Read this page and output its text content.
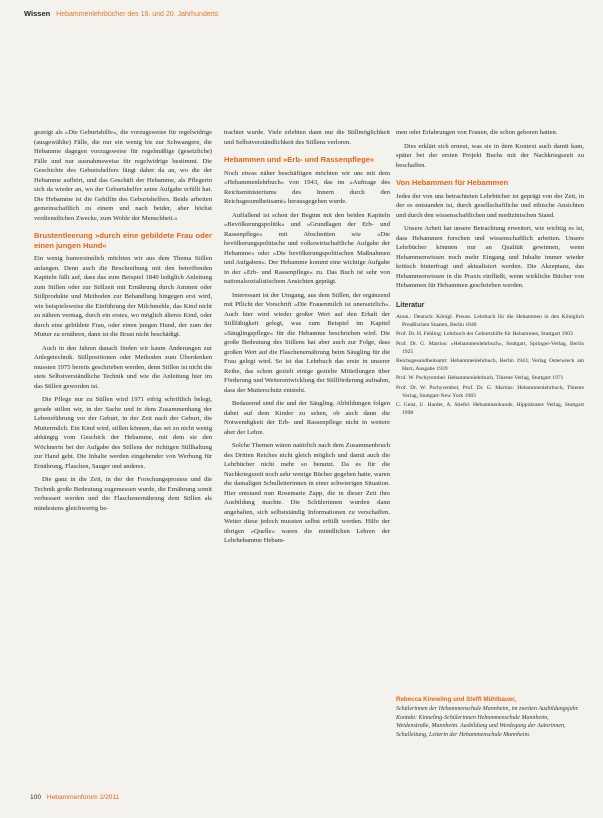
Wissen Hebammenlehrbücher des 19. und 20. Jahrhunderts

gezeigt als »Die Geburtshilfe«, die vorzugsweise für regelwidrige (ausgewählte) Fälle, die nur ein wenig bis zur Schwangere, die Hebamme dagegen vorzugsweise für regelmäßige (gesetzliche) Fälle und nur ausnahmsweise für regelwidrige bestimmt. Die Geschichte des Geburtshelfers fängt daher da an, wo die der Hebamme aufhört, und das Geschäft der Hebamme, als Pflegerin sich da wieder an, wo der Geburtshelfer seine Aufgabe erfüllt hat. Die Hebamme ist die Gehilfin des Geburtshelfers. Beide arbeiten gemeinschaftlich zu einem und nach beider, aber höchst verdienstlichen Zwecke, zum Wohle der Menschheit.«

Brustentleerung »durch eine gebildete Frau oder einen jungen Hund«

Ein wenig humorsinnlich möchten wir aus dem Thema Stillen anfangen. Denn auch die Beschreibung mit den betreffenden Kapiteln fällt auf, dass das zum Beispiel 1840 lediglich Anleitung zum Stillen oder zur Stillzeit mit Ernährung durch Ammen oder Stillprodukte und Methoden zur Behandlung hingegen erst wird, wie beispielsweise die Einführung der Milchmehle, das Kind nicht zu nähren vermag, durch ein erstes, wo möglich älteres Kind, oder durch eine gebildete Frau, oder einen jungen Hund, der zum der Mutter zu ernähren, dann ist die Brust nicht beschädigt.

Auch in den Jahren danach finden wir kaum Änderungen zur Anlegetechnik. Stillpositionen oder Methoden zum Überdenken mussten 1975 bereits geschrieben werden, denn Stillen ist nicht die stets Selbstverständliche Technik und wie die Anleitung hier im das Stillen geworden ist.

Die Pflege nur zu Stillen wird 1971 eifrig schriftlich belegt, gerade stillen wir, in der Sache und in dem Zusammenhang der Lebensführung vor der Geburt, in der Zeit nach der Geburt, die Muttermilch. Ein Kind wird, stillen können, das sei zu nicht wenig abhängig vom Geschick der Hebamme, mit dem sie den Wöchnerin bei der Aufgabe des Stillens der richtigen Stillhaltung zur Hand geht. Die Inhalte werden eingehender von Werbung für Ernährung, Flaschen, Sauger und anderes.

Die ganz in die Zeit, in der der Forschungsprozess und die Technik große Bedeutung zugemessen wurde, die Ernährung somit verbessert werden und die Flaschenernährung dem Stillen als mindestens gleichwertig be-

trachtet wurde. Viele erlebten dann nur die Stillmöglichkeit und Selbstverständlichkeit des Stillens verloren.

Hebammen und »Erb- und Rassenpflege«

Noch etwas näher beschäftigen möchten wir uns mit dem »Hebammenlehrbuch« von 1943, das im »Auftrage des Reichsministeriums des Innern durch den Reichsgesundheitsamt« herausgegeben wurde.

Auffallend ist schon der Beginn mit den beiden Kapiteln »Bevölkerungspolitik« und »Grundlagen der Erb- und Rassenpflege« mit Abschnitten wie »Die bevölkerungspolitische und volkswirtschaftliche Aufgabe der Hebamme« oder »Die bevölkerungspolitischen Maßnahmen und Aufgaben«. Der Hebamme kommt eine wichtige Aufgabe in der »Erb- und Rassenpflege« zu. Das Buch ist sehr von nationalsozialistischem Ansichten geprägt.

Interessant ist der Umgang, aus dem Stillen, der ergänzend mit Pflicht der Vorschrift »Die Frauenmilch ist unersetzlich«. Auch hier wird wieder großer Wert auf den Erhalt der Stillfähigkeit gelegt, was zum Beispiel im Kapitel »Säuglingspflege« für die Hebamme beschrieben wird. Die große Bedeutung des Stillens hat aber auch zur Folge, dass großen Wert auf die Flaschenernährung beim Säugling für die Frau gelegt wird. So ist das Lehrbuch das erste in unserer Reihe, das schon gezielt einige gezielte Mitteilungen über Förderung und Weiterentwicklung der Stillförderung aufnahm, dass der Mutterschutz entsteht.

Bedauernd sind die und der Säugling. Abbildungen folgen dabei auf dem Kinder zu sehen, ob auch dann die Notwendigkeit der Erb- und Rassenpflege nicht in weitere aber der Lehre.

Solche Themen wären natürlich nach dem Zusammenbruch des Dritten Reiches nicht gleich möglich und damit auch die Lehrbücher nicht mehr so benutzt. Da es für die Nachkriegszeit noch sehr wenige Bücher gegeben hatte, waren die damaligen Schulleiterinnen in einer schwierigen Situation. Hier entstand nun Rosemarie Zapp, die in dieser Zeit ihre Ausbildung machte. Die Schülerinnen wurden dann angehalten, sich selbstständig Informationen zu verschaffen. Weiter diese jedoch mussten selbst erfüllt werden. Hilfe der übrigen »Quelle« waren die mündlichen Lehren der Lehrhebamme Hebam-

men oder Erfahrungen von Frauen, die schon geboren hatten.

Dies erklärt sich erneut, was sie in dem Kontext auch damit kam, später bei der ersten Projekt Buchs mit der Nachkriegszeit zu beschaffen.

Von Hebammen für Hebammen

Jedes der von uns betrachteten Lehrbücher ist geprägt von der Zeit, in der es entstanden ist, durch gesellschaftliche und ethische Ansichten und durch den wissenschaftlichen und medizinischen Stand.

Unsere Arbeit hat unsere Betrachtung erweitert, wie wichtig es ist, dass Hebammen forschen und wissenschaftlich arbeiten. Unsere Lehrbücher könnten nur an Qualität gewinnen, wenn Hebammenwissen noch mehr Eingang und Inhalte immer wieder kritisch hinterfragt und aktualisiert werden. Die Akzeptanz, das Hebammenwissen in die Praxis einfließt, wenn wirkliche Bücher von Hebammen für Hebammen geschrieben werden.

Literatur
Anon.: Deutsch: Königl. Preuss. Lehrbuch für die Hebammen in den Königlich Preußischen Staaten, Berlin 1840
Prof. Dr. H. Fehling: Lehrbuch der Geburtshilfe für Hebammen, Stuttgart 1903
Prof. Dr. G. Martius: »Hebammenlehrbuch«, Stuttgart, Springer-Verlag, Berlin 1925
Reichsgesundheitsamt: Hebammenlehrbuch, Berlin 1943, Verlag Osterwieck am Harz, Ausgabe 1939
Prof. W. Pschyrembel: Hebammenlehrbuch, Thieme Verlag, Stuttgart 1971
Prof. Dr. W. Pschyrembel, Prof. Dr. G. Martius: Hebammenlehrbuch, Thieme Verlag, Stuttgart-New York 1983
C. Geist, U. Harder, A. Stiefel: Hebammenkunde, Hippokrates Verlag, Stuttgart 1998
Rebecca Kinneling und Steffi Mühlbauer,
Schülerinnen der Hebammenschule Mannheim, im zweiten Ausbildungsjahr. Kontakt: Kinneling-Schülerinnen Hebammenschule Mannheim, Weidenstraße, Mannheim. Ausbildung und Werdegang der Autorinnen, Schulleitung, Leiterin der Hebammenschule Mannheim.
100 Hebammenforum 2/2011
